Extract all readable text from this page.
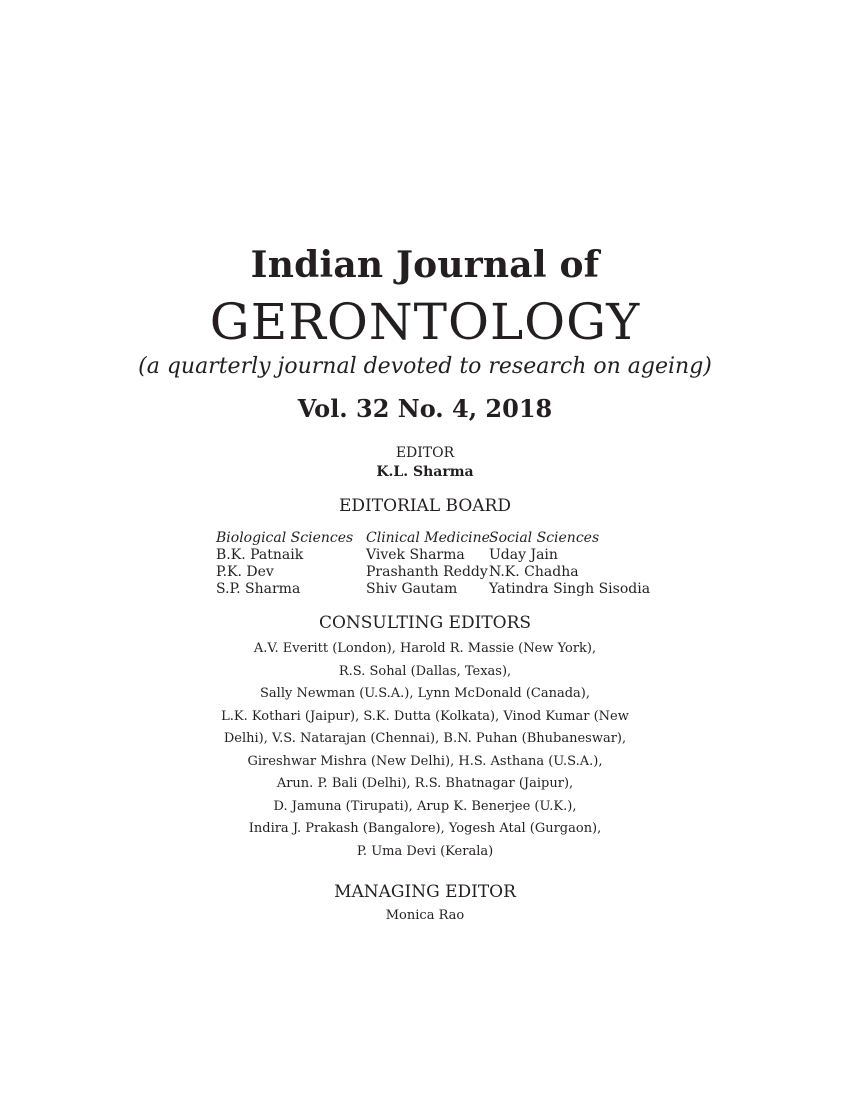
Indian Journal of
GERONTOLOGY
(a quarterly journal devoted to research on ageing)
Vol. 32 No. 4, 2018
EDITOR
K.L. Sharma
EDITORIAL BOARD
Biological Sciences
B.K. Patnaik
P.K. Dev
S.P. Sharma
Clinical Medicine
Vivek Sharma
Prashanth Reddy
Shiv Gautam
Social Sciences
Uday Jain
N.K. Chadha
Yatindra Singh Sisodia
CONSULTING EDITORS
A.V. Everitt (London), Harold R. Massie (New York),
R.S. Sohal (Dallas, Texas),
Sally Newman (U.S.A.), Lynn McDonald (Canada),
L.K. Kothari (Jaipur), S.K. Dutta (Kolkata), Vinod Kumar (New
Delhi), V.S. Natarajan (Chennai), B.N. Puhan (Bhubaneswar),
Gireshwar Mishra (New Delhi), H.S. Asthana (U.S.A.),
Arun. P. Bali (Delhi), R.S. Bhatnagar (Jaipur),
D. Jamuna (Tirupati), Arup K. Benerjee (U.K.),
Indira J. Prakash (Bangalore), Yogesh Atal (Gurgaon),
P. Uma Devi (Kerala)
MANAGING EDITOR
Monica Rao
